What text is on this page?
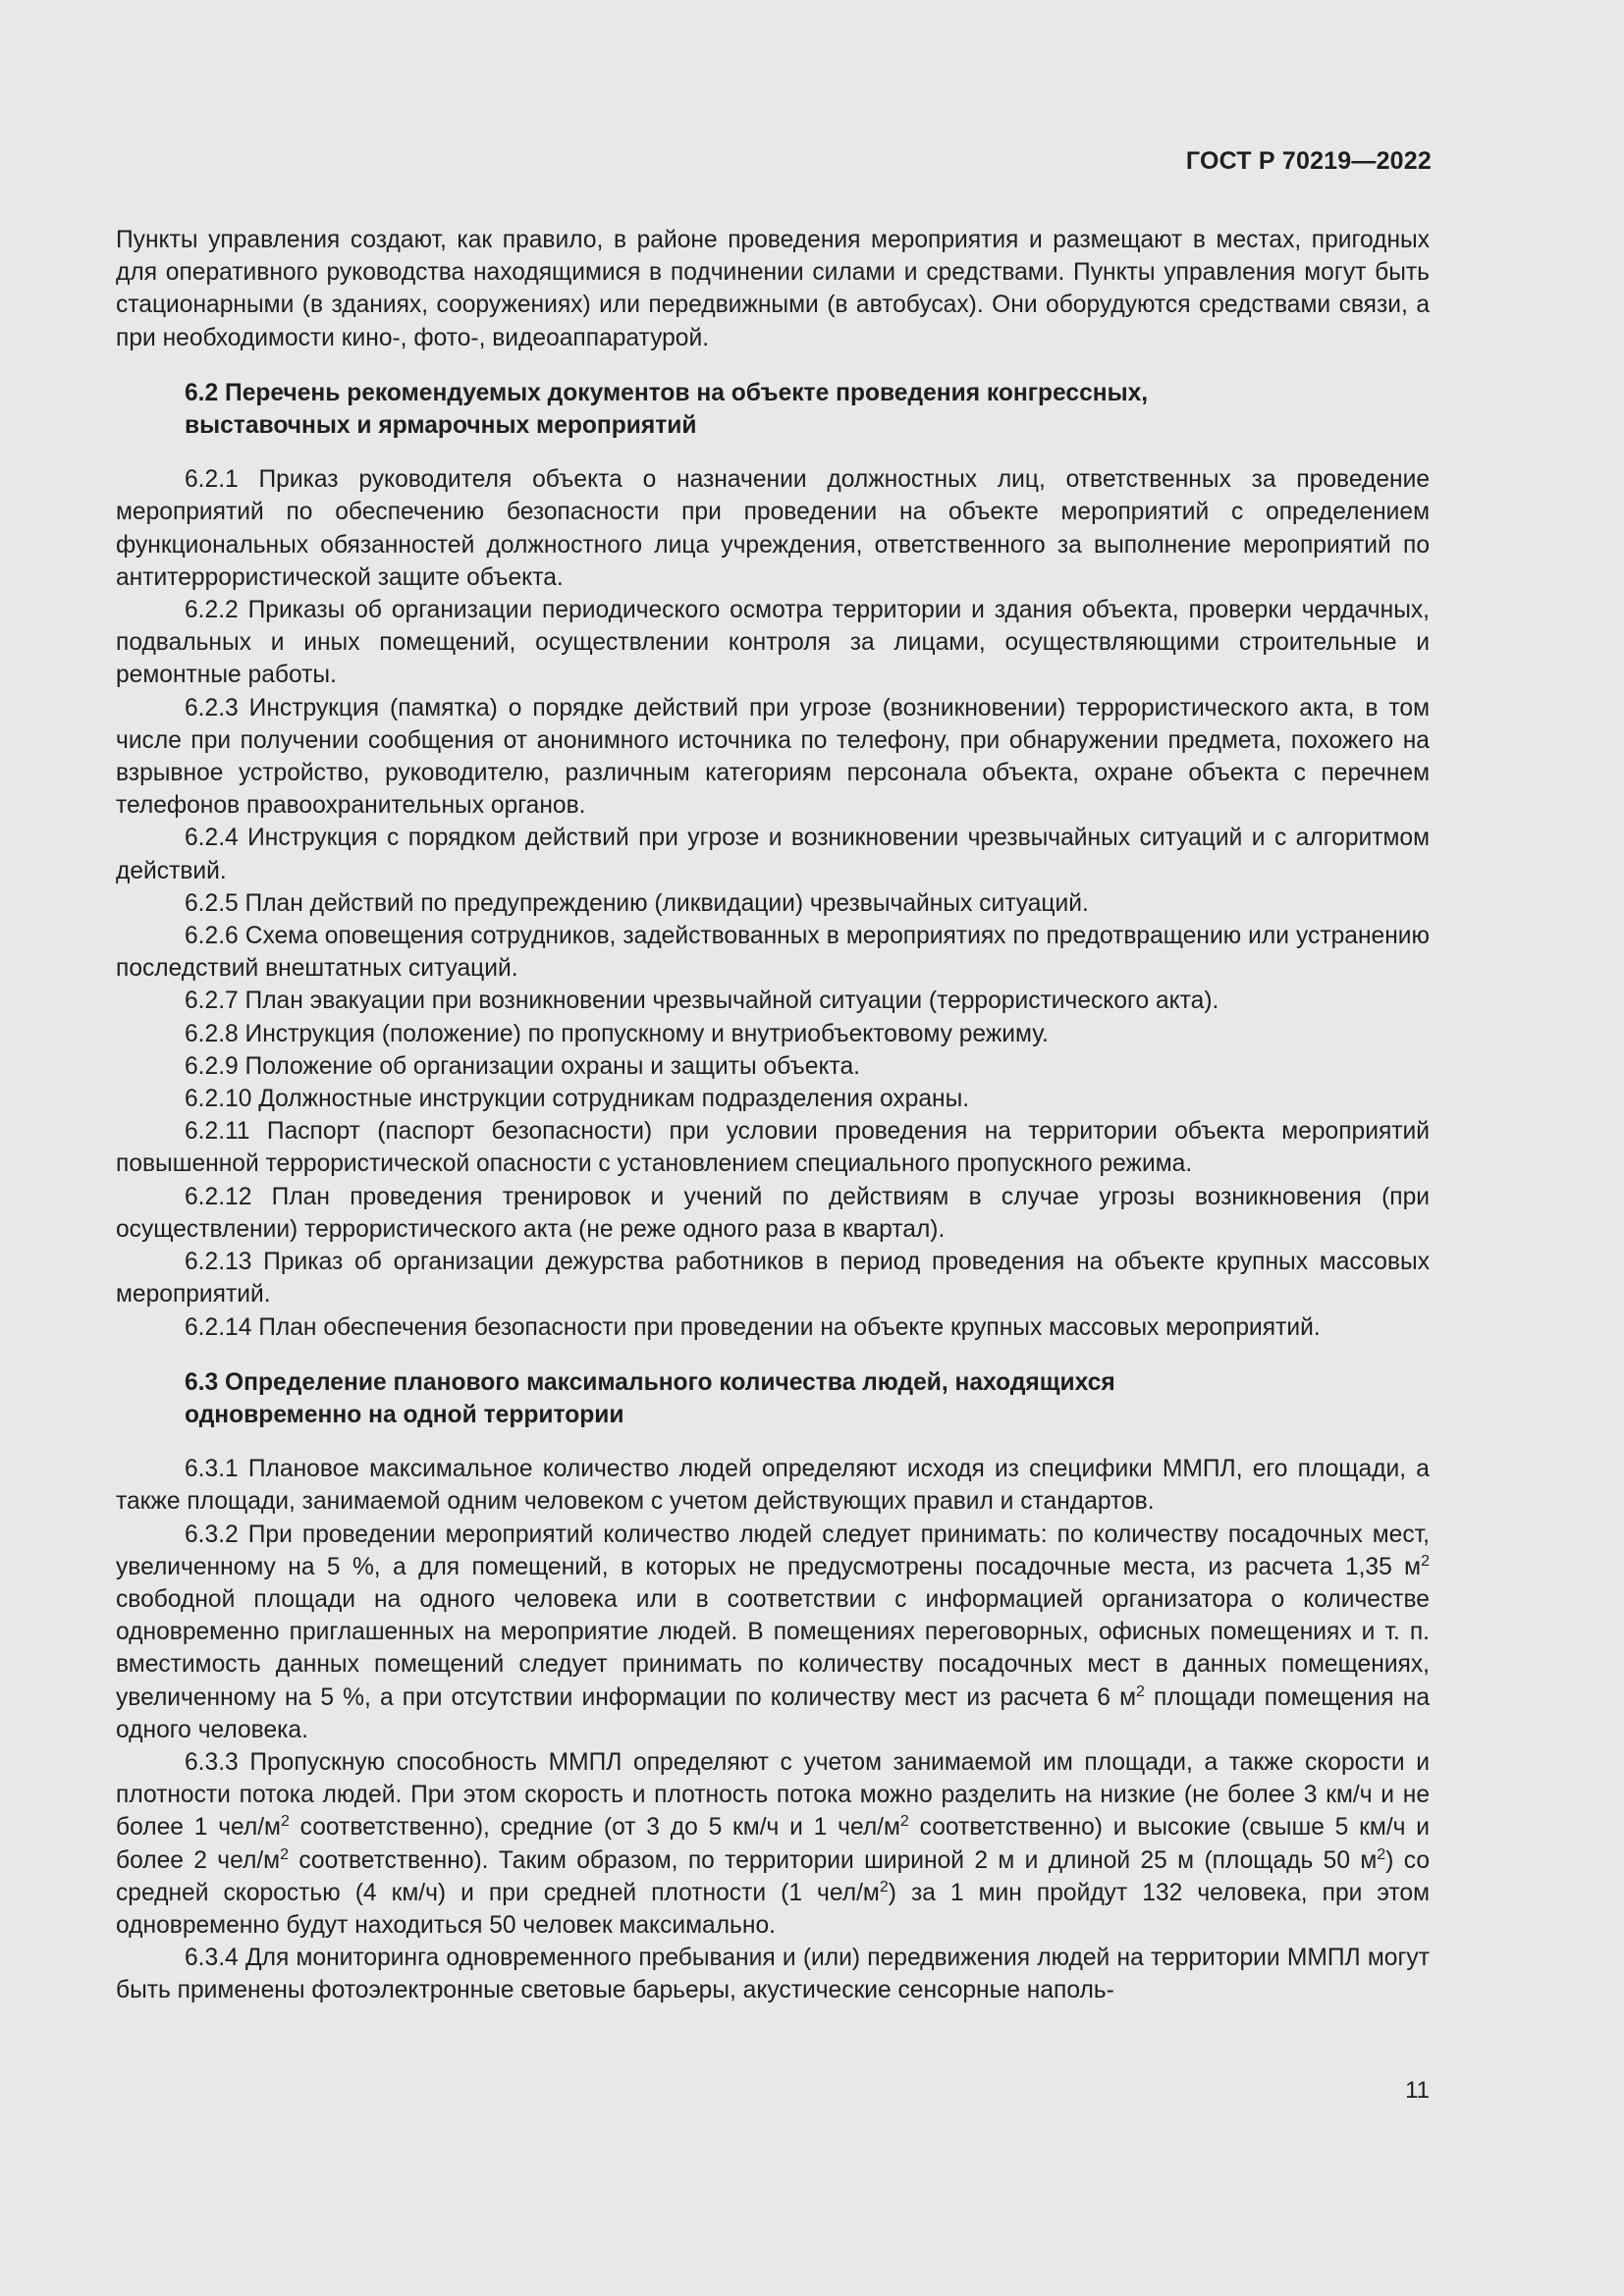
ГОСТ Р 70219—2022

Пункты управления создают, как правило, в районе проведения мероприятия и размещают в местах, пригодных для оперативного руководства находящимися в подчинении силами и средствами. Пункты управления могут быть стационарными (в зданиях, сооружениях) или передвижными (в автобусах). Они оборудуются средствами связи, а при необходимости кино-, фото-, видеоаппаратурой.

6.2 Перечень рекомендуемых документов на объекте проведения конгрессных,
выставочных и ярмарочных мероприятий

6.2.1 Приказ руководителя объекта о назначении должностных лиц, ответственных за проведение мероприятий по обеспечению безопасности при проведении на объекте мероприятий с определением функциональных обязанностей должностного лица учреждения, ответственного за выполнение мероприятий по антитеррористической защите объекта.

6.2.2 Приказы об организации периодического осмотра территории и здания объекта, проверки чердачных, подвальных и иных помещений, осуществлении контроля за лицами, осуществляющими строительные и ремонтные работы.

6.2.3 Инструкция (памятка) о порядке действий при угрозе (возникновении) террористического акта, в том числе при получении сообщения от анонимного источника по телефону, при обнаружении предмета, похожего на взрывное устройство, руководителю, различным категориям персонала объекта, охране объекта с перечнем телефонов правоохранительных органов.

6.2.4 Инструкция с порядком действий при угрозе и возникновении чрезвычайных ситуаций и с алгоритмом действий.

6.2.5 План действий по предупреждению (ликвидации) чрезвычайных ситуаций.

6.2.6 Схема оповещения сотрудников, задействованных в мероприятиях по предотвращению или устранению последствий внештатных ситуаций.

6.2.7 План эвакуации при возникновении чрезвычайной ситуации (террористического акта).

6.2.8 Инструкция (положение) по пропускному и внутриобъектовому режиму.

6.2.9 Положение об организации охраны и защиты объекта.

6.2.10 Должностные инструкции сотрудникам подразделения охраны.

6.2.11 Паспорт (паспорт безопасности) при условии проведения на территории объекта мероприятий повышенной террористической опасности с установлением специального пропускного режима.

6.2.12 План проведения тренировок и учений по действиям в случае угрозы возникновения (при осуществлении) террористического акта (не реже одного раза в квартал).

6.2.13 Приказ об организации дежурства работников в период проведения на объекте крупных массовых мероприятий.

6.2.14 План обеспечения безопасности при проведении на объекте крупных массовых мероприятий.

6.3 Определение планового максимального количества людей, находящихся
одновременно на одной территории

6.3.1 Плановое максимальное количество людей определяют исходя из специфики ММПЛ, его площади, а также площади, занимаемой одним человеком с учетом действующих правил и стандартов.

6.3.2 При проведении мероприятий количество людей следует принимать: по количеству посадочных мест, увеличенному на 5 %, а для помещений, в которых не предусмотрены посадочные места, из расчета 1,35 $м^2$ свободной площади на одного человека или в соответствии с информацией организатора о количестве одновременно приглашенных на мероприятие людей. В помещениях переговорных, офисных помещениях и т. п. вместимость данных помещений следует принимать по количеству посадочных мест в данных помещениях, увеличенному на 5 %, а при отсутствии информации по количеству мест из расчета 6 $м^2$ площади помещения на одного человека.

6.3.3 Пропускную способность ММПЛ определяют с учетом занимаемой им площади, а также скорости и плотности потока людей. При этом скорость и плотность потока можно разделить на низкие (не более 3 км/ч и не более 1 чел/$м^2$ соответственно), средние (от 3 до 5 км/ч и 1 чел/$м^2$ соответственно) и высокие (свыше 5 км/ч и более 2 чел/$м^2$ соответственно). Таким образом, по территории шириной 2 м и длиной 25 м (площадь 50 $м^2$) со средней скоростью (4 км/ч) и при средней плотности (1 чел/$м^2$) за 1 мин пройдут 132 человека, при этом одновременно будут находиться 50 человек максимально.

6.3.4 Для мониторинга одновременного пребывания и (или) передвижения людей на территории ММПЛ могут быть применены фотоэлектронные световые барьеры, акустические сенсорные наполь-

11
